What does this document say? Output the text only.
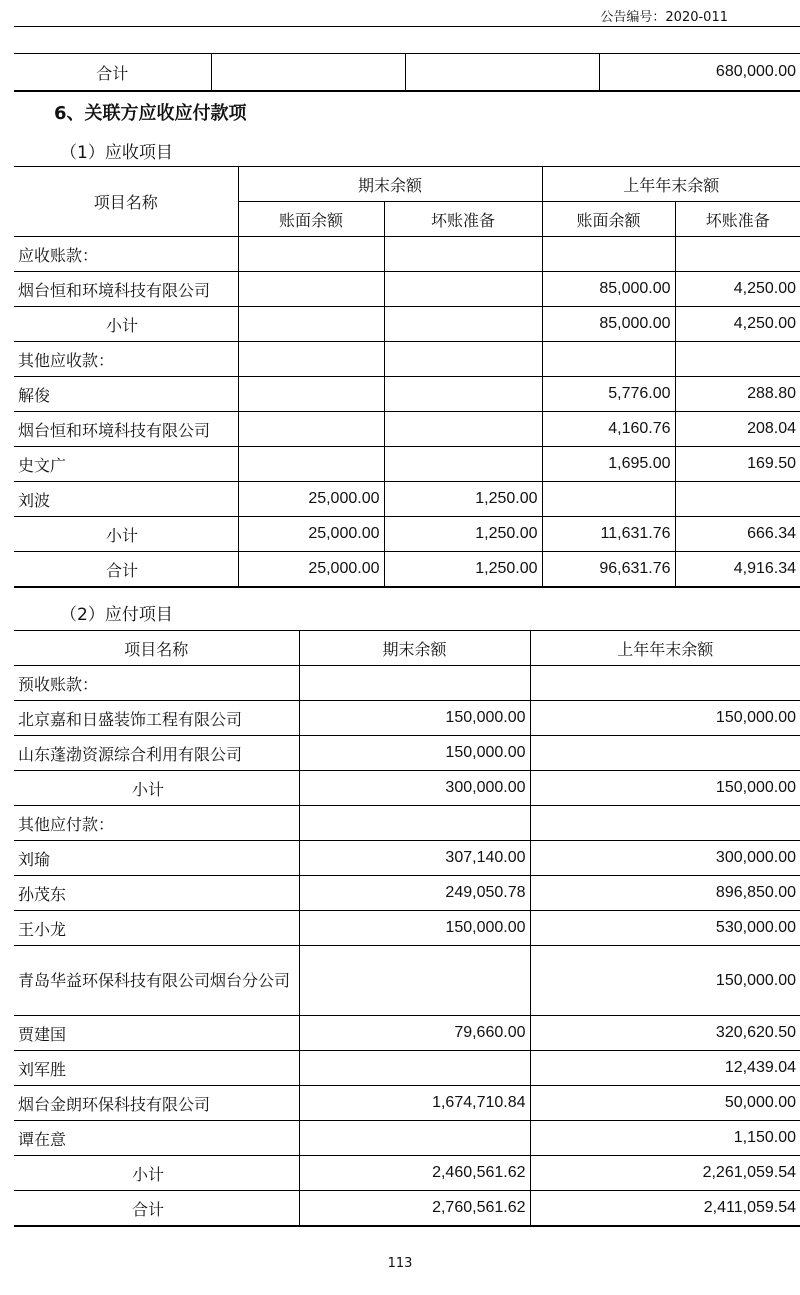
公告编号：2020-011
合计			680,000.00
6、关联方应收应付款项
（1）应收项目
项目名称	期末余额		上年年末余额	
	账面余额	坏账准备	账面余额	坏账准备
应收账款：				
烟台恒和环境科技有限公司			85,000.00	4,250.00
小计			85,000.00	4,250.00
其他应收款：				
解俊			5,776.00	288.80
烟台恒和环境科技有限公司			4,160.76	208.04
史文广			1,695.00	169.50
刘波	25,000.00	1,250.00		
小计	25,000.00	1,250.00	11,631.76	666.34
合计	25,000.00	1,250.00	96,631.76	4,916.34
（2）应付项目
项目名称	期末余额	上年年末余额
预收账款：		
北京嘉和日盛装饰工程有限公司	150,000.00	150,000.00
山东蓬渤资源综合利用有限公司	150,000.00	
小计	300,000.00	150,000.00
其他应付款：		
刘瑜	307,140.00	300,000.00
孙茂东	249,050.78	896,850.00
王小龙	150,000.00	530,000.00
青岛华益环保科技有限公司烟台分公司		150,000.00
贾建国	79,660.00	320,620.50
刘军胜		12,439.04
烟台金朗环保科技有限公司	1,674,710.84	50,000.00
谭在意		1,150.00
小计	2,460,561.62	2,261,059.54
合计	2,760,561.62	2,411,059.54
113
